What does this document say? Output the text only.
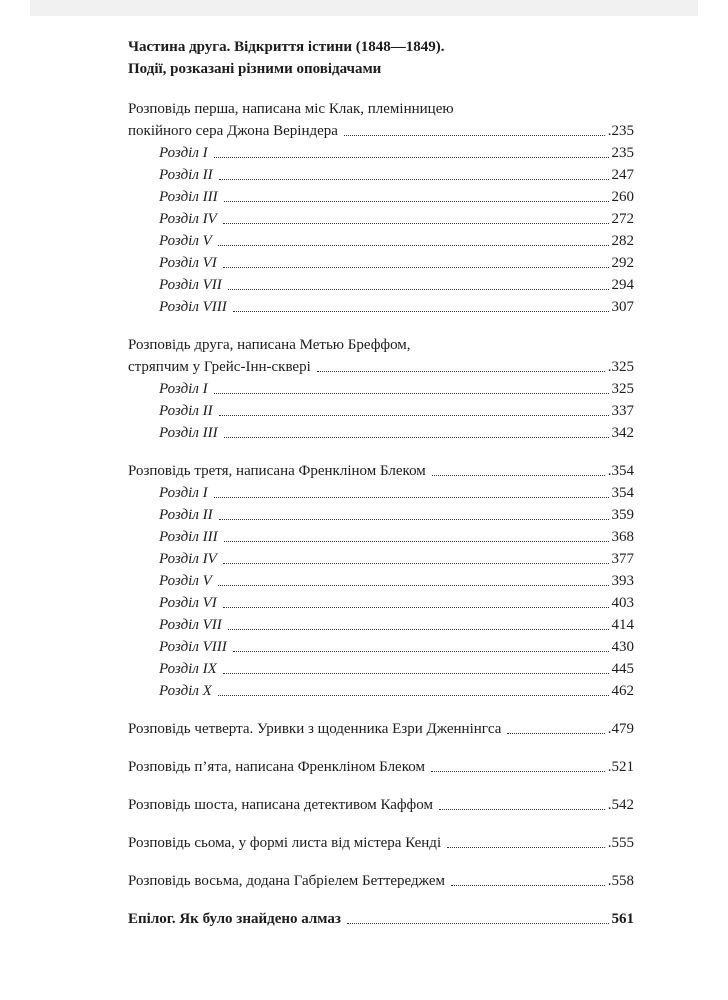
Частина друга. Відкриття істини (1848—1849).
Події, розказані різними оповідачами
Розповідь перша, написана міс Клак, племінницею
покійного сера Джона Веріндера	.235
Розділ I	235
Розділ II	247
Розділ III	260
Розділ IV	272
Розділ V	282
Розділ VI	292
Розділ VII	294
Розділ VIII	307
Розповідь друга, написана Метью Бреффом,
стряпчим у Грейс-Інн-сквері	.325
Розділ I	325
Розділ II	337
Розділ III	342
Розповідь третя, написана Френкліном Блеком	.354
Розділ I	354
Розділ II	359
Розділ III	368
Розділ IV	377
Розділ V	393
Розділ VI	403
Розділ VII	414
Розділ VIII	430
Розділ IX	445
Розділ X	462
Розповідь четверта. Уривки з щоденника Езри Дженнінгса	.479
Розповідь п’ята, написана Френкліном Блеком	.521
Розповідь шоста, написана детективом Каффом	.542
Розповідь сьома, у формі листа від містера Кенді	.555
Розповідь восьма, додана Габріелем Беттереджем	.558
Епілог. Як було знайдено алмаз	561
